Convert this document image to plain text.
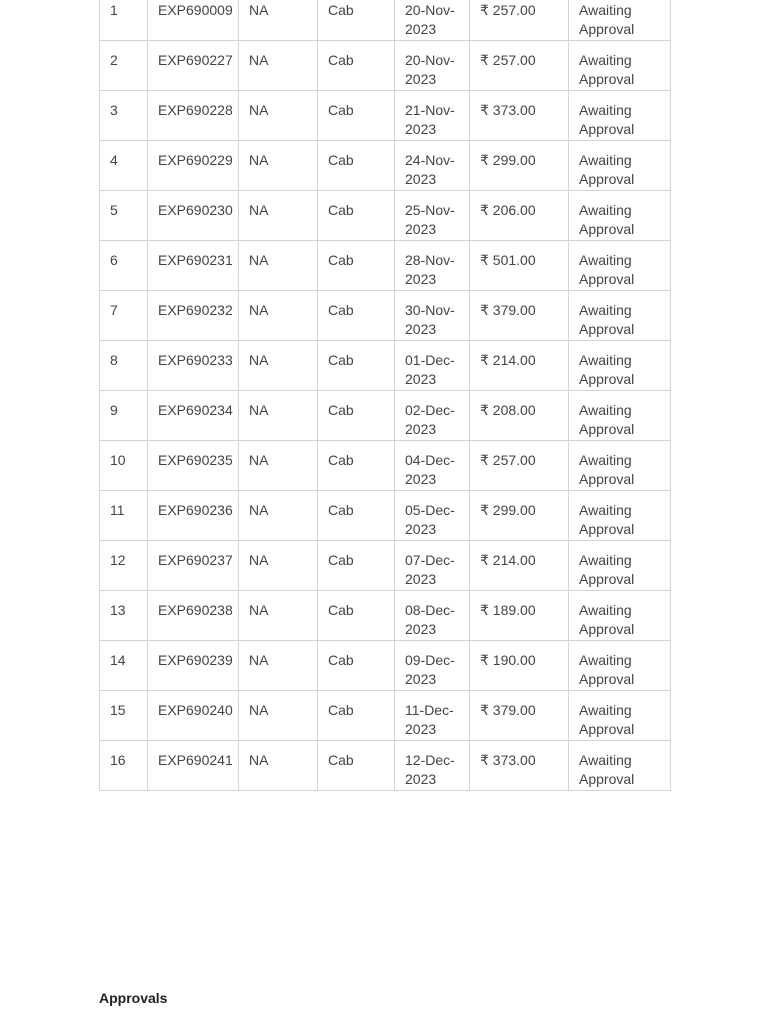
1	EXP690009	NA	Cab	20-Nov-
2023	₹ 257.00	Awaiting
Approval
2	EXP690227	NA	Cab	20-Nov-
2023	₹ 257.00	Awaiting
Approval
3	EXP690228	NA	Cab	21-Nov-
2023	₹ 373.00	Awaiting
Approval
4	EXP690229	NA	Cab	24-Nov-
2023	₹ 299.00	Awaiting
Approval
5	EXP690230	NA	Cab	25-Nov-
2023	₹ 206.00	Awaiting
Approval
6	EXP690231	NA	Cab	28-Nov-
2023	₹ 501.00	Awaiting
Approval
7	EXP690232	NA	Cab	30-Nov-
2023	₹ 379.00	Awaiting
Approval
8	EXP690233	NA	Cab	01-Dec-
2023	₹ 214.00	Awaiting
Approval
9	EXP690234	NA	Cab	02-Dec-
2023	₹ 208.00	Awaiting
Approval
10	EXP690235	NA	Cab	04-Dec-
2023	₹ 257.00	Awaiting
Approval
11	EXP690236	NA	Cab	05-Dec-
2023	₹ 299.00	Awaiting
Approval
12	EXP690237	NA	Cab	07-Dec-
2023	₹ 214.00	Awaiting
Approval
13	EXP690238	NA	Cab	08-Dec-
2023	₹ 189.00	Awaiting
Approval
14	EXP690239	NA	Cab	09-Dec-
2023	₹ 190.00	Awaiting
Approval
15	EXP690240	NA	Cab	11-Dec-
2023	₹ 379.00	Awaiting
Approval
16	EXP690241	NA	Cab	12-Dec-
2023	₹ 373.00	Awaiting
Approval
Approvals
